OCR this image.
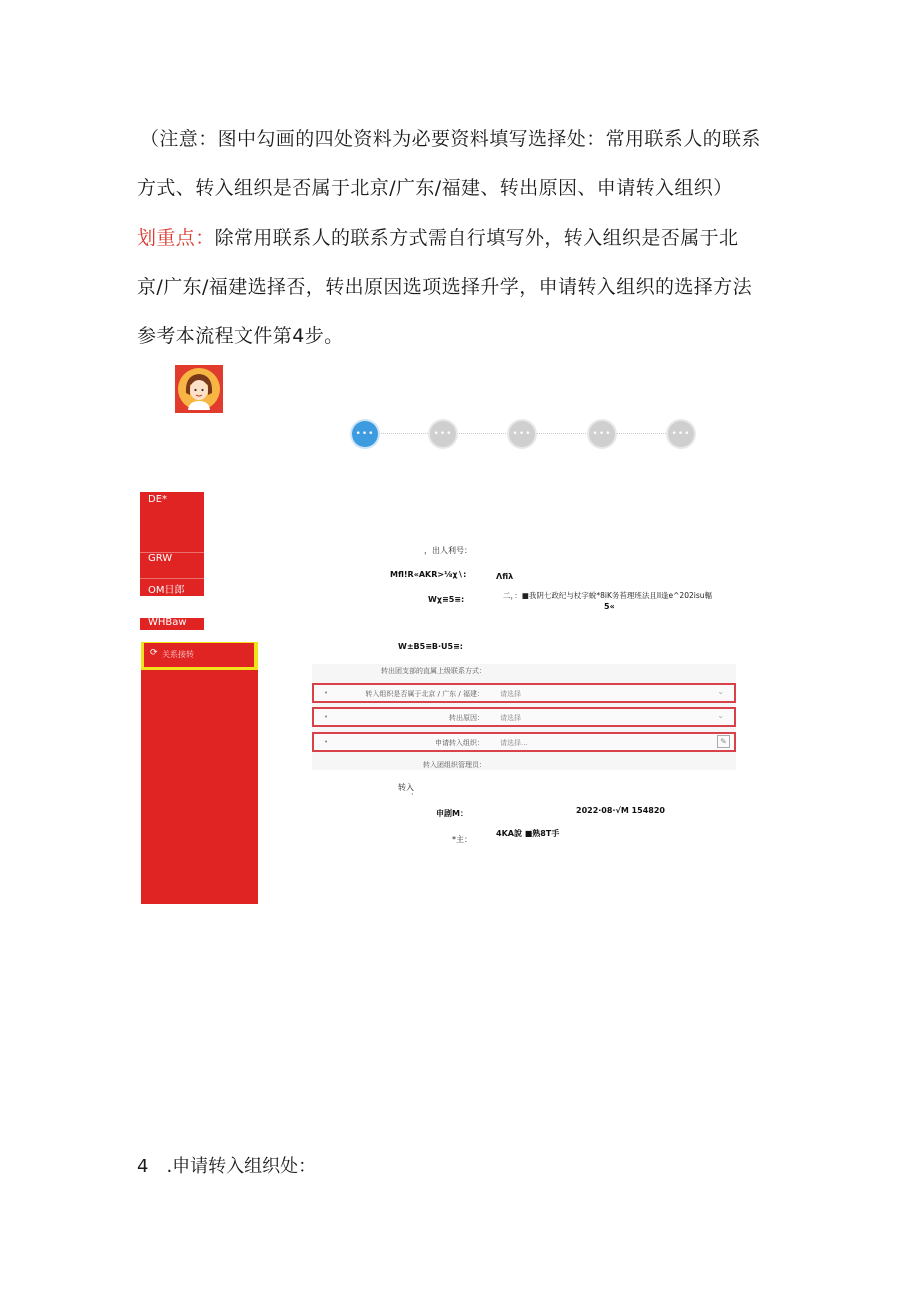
（注意：图中勾画的四处资料为必要资料填写选择处：常用联系人的联系
方式、转入组织是否属于北京/广东/福建、转出原因、申请转入组织）
划重点：除常用联系人的联系方式需自行填写外，转入组织是否属于北
京/广东/福建选择否，转出原因选项选择升学，申请转入组织的选择方法
参考本流程文件第4步。
•••	•••	•••	•••	•••
DE*
GRW
OM日郎
WHBaw
⟳ 关系接转
，出人利号：
Mfl!R«AKR>⅛χ∖:	Λfiλ
Wχ≡5≡:	二，：■我阴七政纪与杖字蛻*8iK务苔理班法且ll逢e^202isu輻
5«
W±B5≡B·U5≡:
转出团支部的直属上级联系方式：
•	转入组织是否属于北京 / 广东 / 福建： 请选择	⌄
•	转出原因： 请选择	⌄
•	申请转入组织： 请选择...	✎
转入团组织管理员：
转入
·
申剧M：	2022·08·√M 154820
*主：
4KA說 ■熟8T手
4　.申请转入组织处：
